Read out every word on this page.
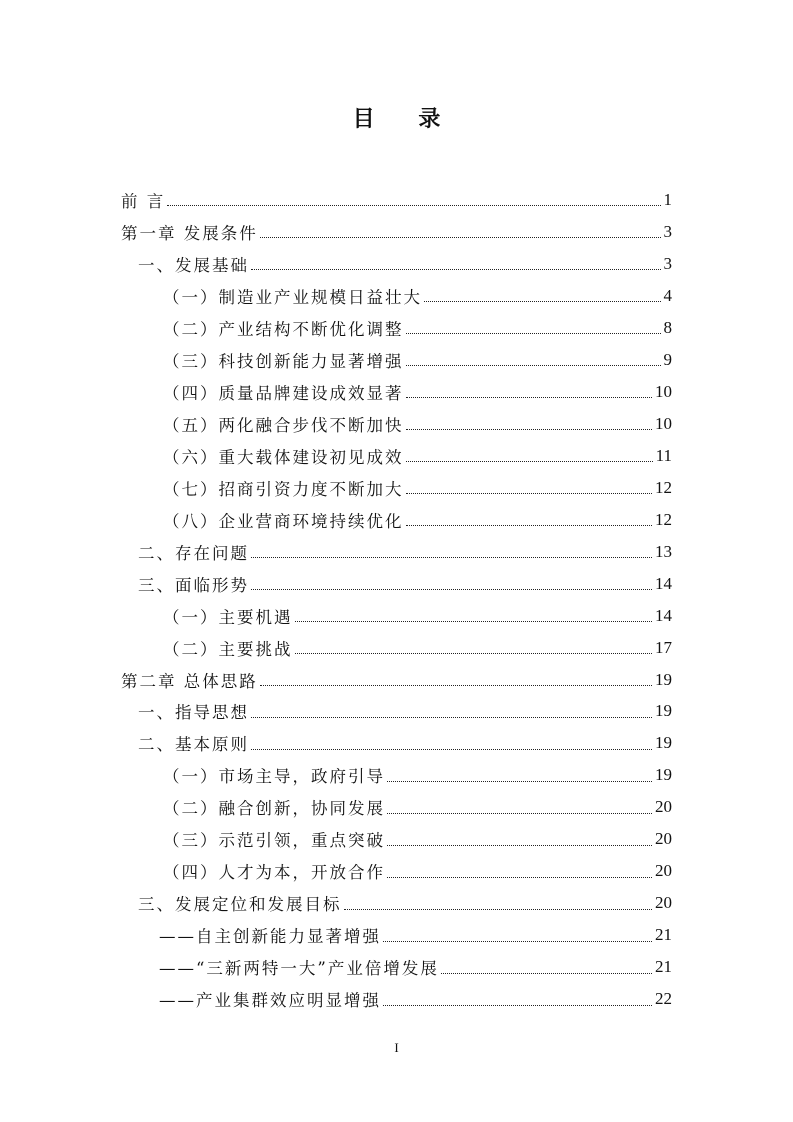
目 录
前 言	1
第一章 发展条件	3
一、发展基础	3
（一）制造业产业规模日益壮大	4
（二）产业结构不断优化调整	8
（三）科技创新能力显著增强	9
（四）质量品牌建设成效显著	10
（五）两化融合步伐不断加快	10
（六）重大载体建设初见成效	11
（七）招商引资力度不断加大	12
（八）企业营商环境持续优化	12
二、存在问题	13
三、面临形势	14
（一）主要机遇	14
（二）主要挑战	17
第二章 总体思路	19
一、指导思想	19
二、基本原则	19
（一）市场主导，政府引导	19
（二）融合创新，协同发展	20
（三）示范引领，重点突破	20
（四）人才为本，开放合作	20
三、发展定位和发展目标	20
——自主创新能力显著增强	21
——“三新两特一大”产业倍增发展	21
——产业集群效应明显增强	22
I
